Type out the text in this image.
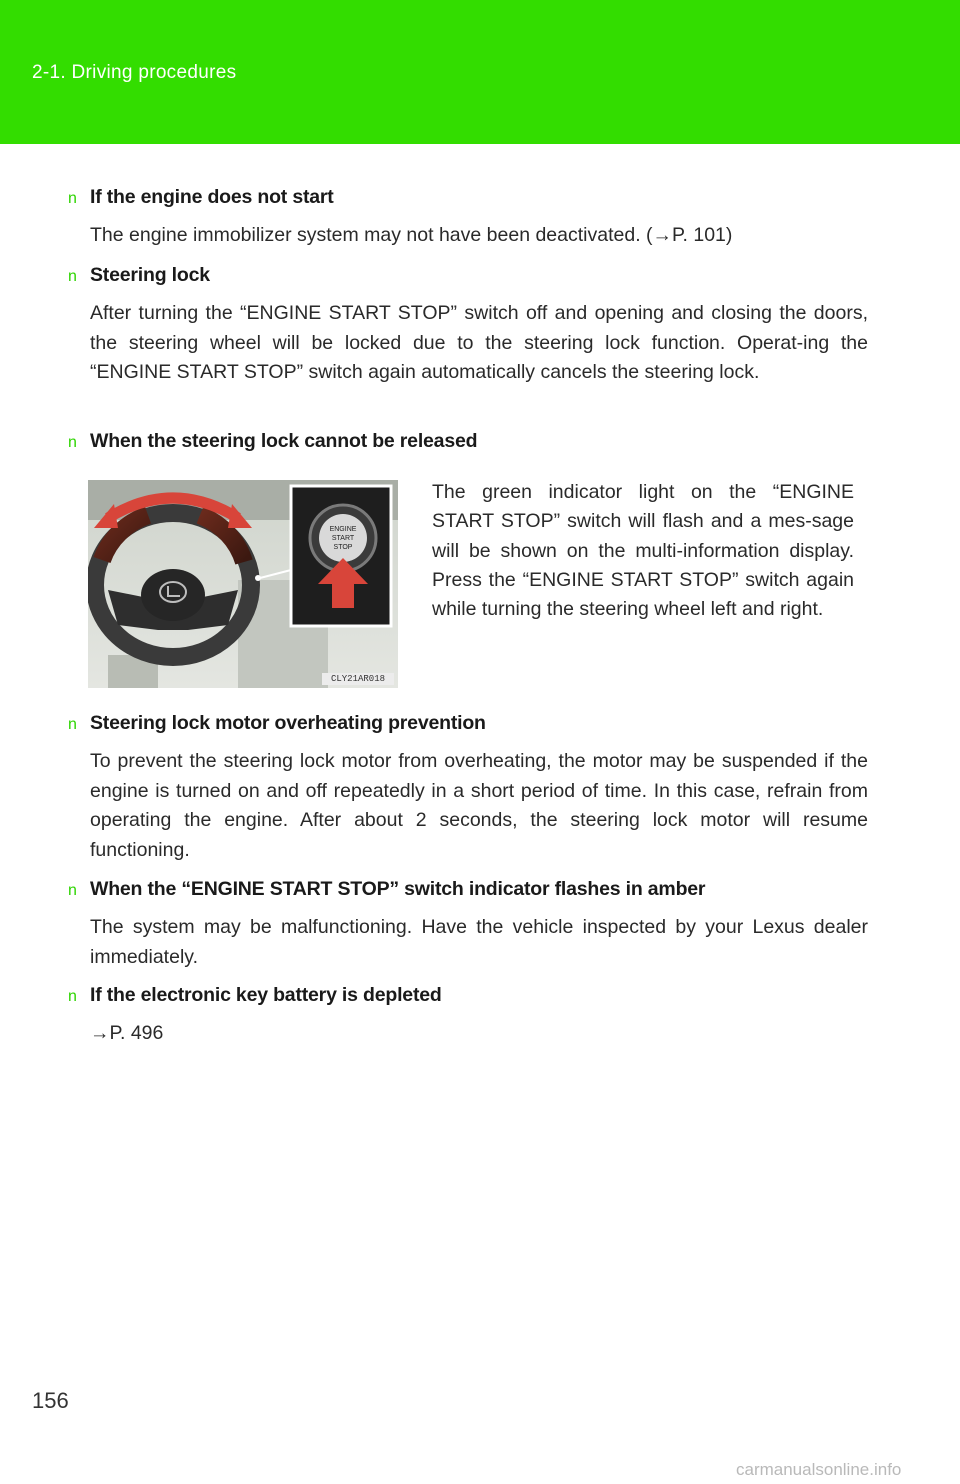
2-1. Driving procedures
n If the engine does not start
The engine immobilizer system may not have been deactivated. (→P. 101)
n Steering lock
After turning the “ENGINE START STOP” switch off and opening and closing the doors, the steering wheel will be locked due to the steering lock function. Operat-ing the “ENGINE START STOP” switch again automatically cancels the steering lock.
n When the steering lock cannot be released
ENGINE
START
STOP
CLY21AR018
The green indicator light on the “ENGINE START STOP” switch will flash and a mes-sage will be shown on the multi-information display. Press the “ENGINE START STOP” switch again while turning the steering wheel left and right.
n Steering lock motor overheating prevention
To prevent the steering lock motor from overheating, the motor may be suspended if the engine is turned on and off repeatedly in a short period of time. In this case, refrain from operating the engine. After about 2 seconds, the steering lock motor will resume functioning.
n When the “ENGINE START STOP” switch indicator flashes in amber
The system may be malfunctioning. Have the vehicle inspected by your Lexus dealer immediately.
n If the electronic key battery is depleted
→P. 496
156
carmanualsonline.info
